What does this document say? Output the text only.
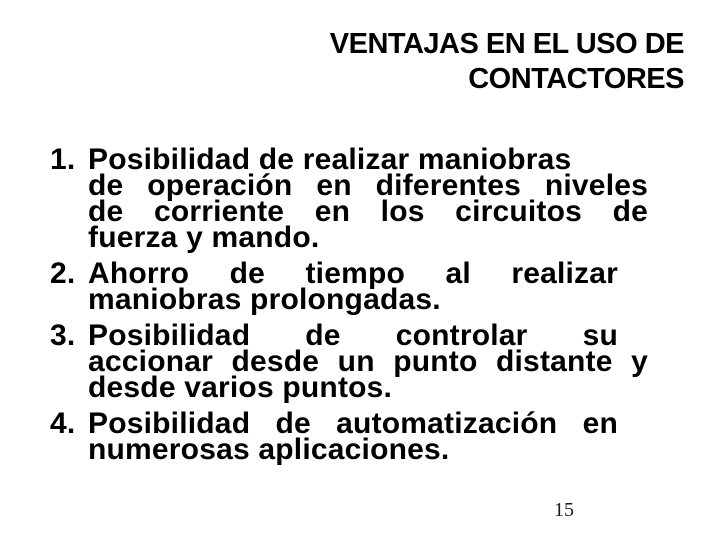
VENTAJAS EN EL USO DE
CONTACTORES
1. Posibilidad de realizar maniobras
de operación en diferentes niveles
de corriente en los circuitos de
fuerza y mando.
2. Ahorro de tiempo al realizar
maniobras prolongadas.
3. Posibilidad de controlar su
accionar desde un punto distante y
desde varios puntos.
4. Posibilidad de automatización en
numerosas aplicaciones.
15
